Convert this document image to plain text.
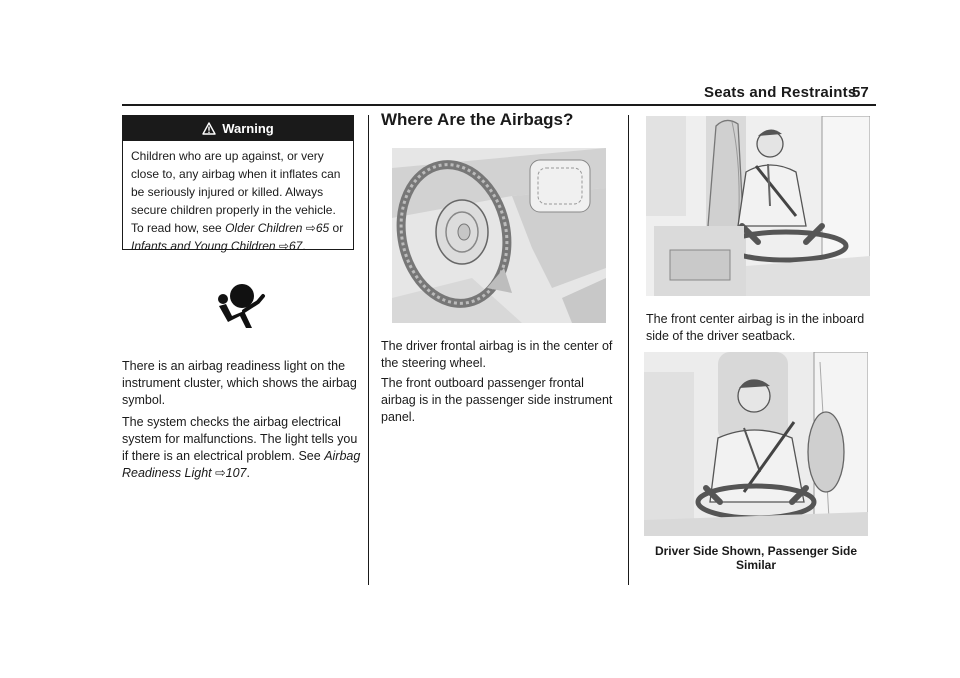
Seats and Restraints
57
Warning
Children who are up against, or very close to, any airbag when it inflates can be seriously injured or killed. Always secure children properly in the vehicle. To read how, see Older Children ⇨65 or Infants and Young Children ⇨67.
There is an airbag readiness light on the instrument cluster, which shows the airbag symbol.
The system checks the airbag electrical system for malfunctions. The light tells you if there is an electrical problem. See Airbag Readiness Light ⇨107.
Where Are the Airbags?
The driver frontal airbag is in the center of the steering wheel.
The front outboard passenger frontal airbag is in the passenger side instrument panel.
The front center airbag is in the inboard side of the driver seatback.
Driver Side Shown, Passenger Side Similar
